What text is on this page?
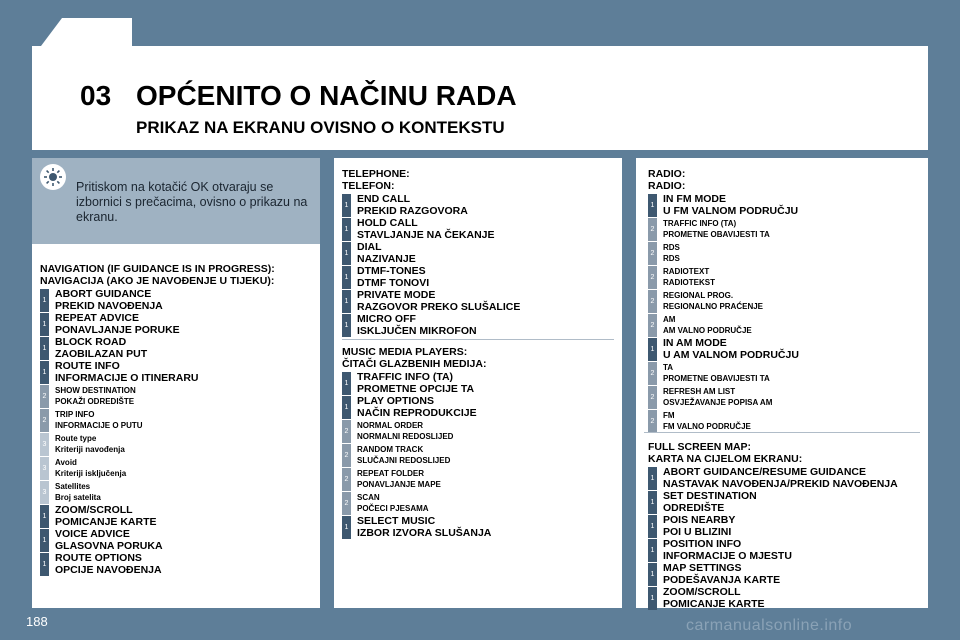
03 OPĆENITO O NAČINU RADA
PRIKAZ NA EKRANU OVISNO O KONTEKSTU
Pritiskom na kotačić OK otvaraju se izbornici s prečacima, ovisno o prikazu na ekranu.
NAVIGATION (IF GUIDANCE IS IN PROGRESS):
NAVIGACIJA (AKO JE NAVOĐENJE U TIJEKU):
1
ABORT GUIDANCE
PREKID NAVOĐENJA
1
REPEAT ADVICE
PONAVLJANJE PORUKE
1
BLOCK ROAD
ZAOBILAZAN PUT
1
ROUTE INFO
INFORMACIJE O ITINERARU
2
SHOW DESTINATION
POKAŽI ODREDIŠTE
2
TRIP INFO
INFORMACIJE O PUTU
3
Route type
Kriteriji navođenja
3
Avoid
Kriteriji isključenja
3
Satellites
Broj satelita
1
ZOOM/SCROLL
POMICANJE KARTE
1
VOICE ADVICE
GLASOVNA PORUKA
1
ROUTE OPTIONS
OPCIJE NAVOĐENJA
TELEPHONE:
TELEFON:
1
END CALL
PREKID RAZGOVORA
1
HOLD CALL
STAVLJANJE NA ČEKANJE
1
DIAL
NAZIVANJE
1
DTMF-TONES
DTMF TONOVI
1
PRIVATE MODE
RAZGOVOR PREKO SLUŠALICE
1
MICRO OFF
ISKLJUČEN MIKROFON
MUSIC MEDIA PLAYERS:
ČITAČI GLAZBENIH MEDIJA:
1
TRAFFIC INFO (TA)
PROMETNE OPCIJE TA
1
PLAY OPTIONS
NAČIN REPRODUKCIJE
2
NORMAL ORDER
NORMALNI REDOSLIJED
2
RANDOM TRACK
SLUČAJNI REDOSLIJED
2
REPEAT FOLDER
PONAVLJANJE MAPE
2
SCAN
POČECI PJESAMA
1
SELECT MUSIC
IZBOR IZVORA SLUŠANJA
RADIO:
RADIO:
1
IN FM MODE
U FM VALNOM PODRUČJU
2
TRAFFIC INFO (TA)
PROMETNE OBAVIJESTI TA
2
RDS
RDS
2
RADIOTEXT
RADIOTEKST
2
REGIONAL PROG.
REGIONALNO PRAĆENJE
2
AM
AM VALNO PODRUČJE
1
IN AM MODE
U AM VALNOM PODRUČJU
2
TA
PROMETNE OBAVIJESTI TA
2
REFRESH AM LIST
OSVJEŽAVANJE POPISA AM
2
FM
FM VALNO PODRUČJE
FULL SCREEN MAP:
KARTA NA CIJELOM EKRANU:
1
ABORT GUIDANCE/RESUME GUIDANCE
NASTAVAK NAVOĐENJA/PREKID NAVOĐENJA
1
SET DESTINATION
ODREDIŠTE
1
POIS NEARBY
POI U BLIZINI
1
POSITION INFO
INFORMACIJE O MJESTU
1
MAP SETTINGS
PODEŠAVANJA KARTE
1
ZOOM/SCROLL
POMICANJE KARTE
188	carmanualsonline.info
